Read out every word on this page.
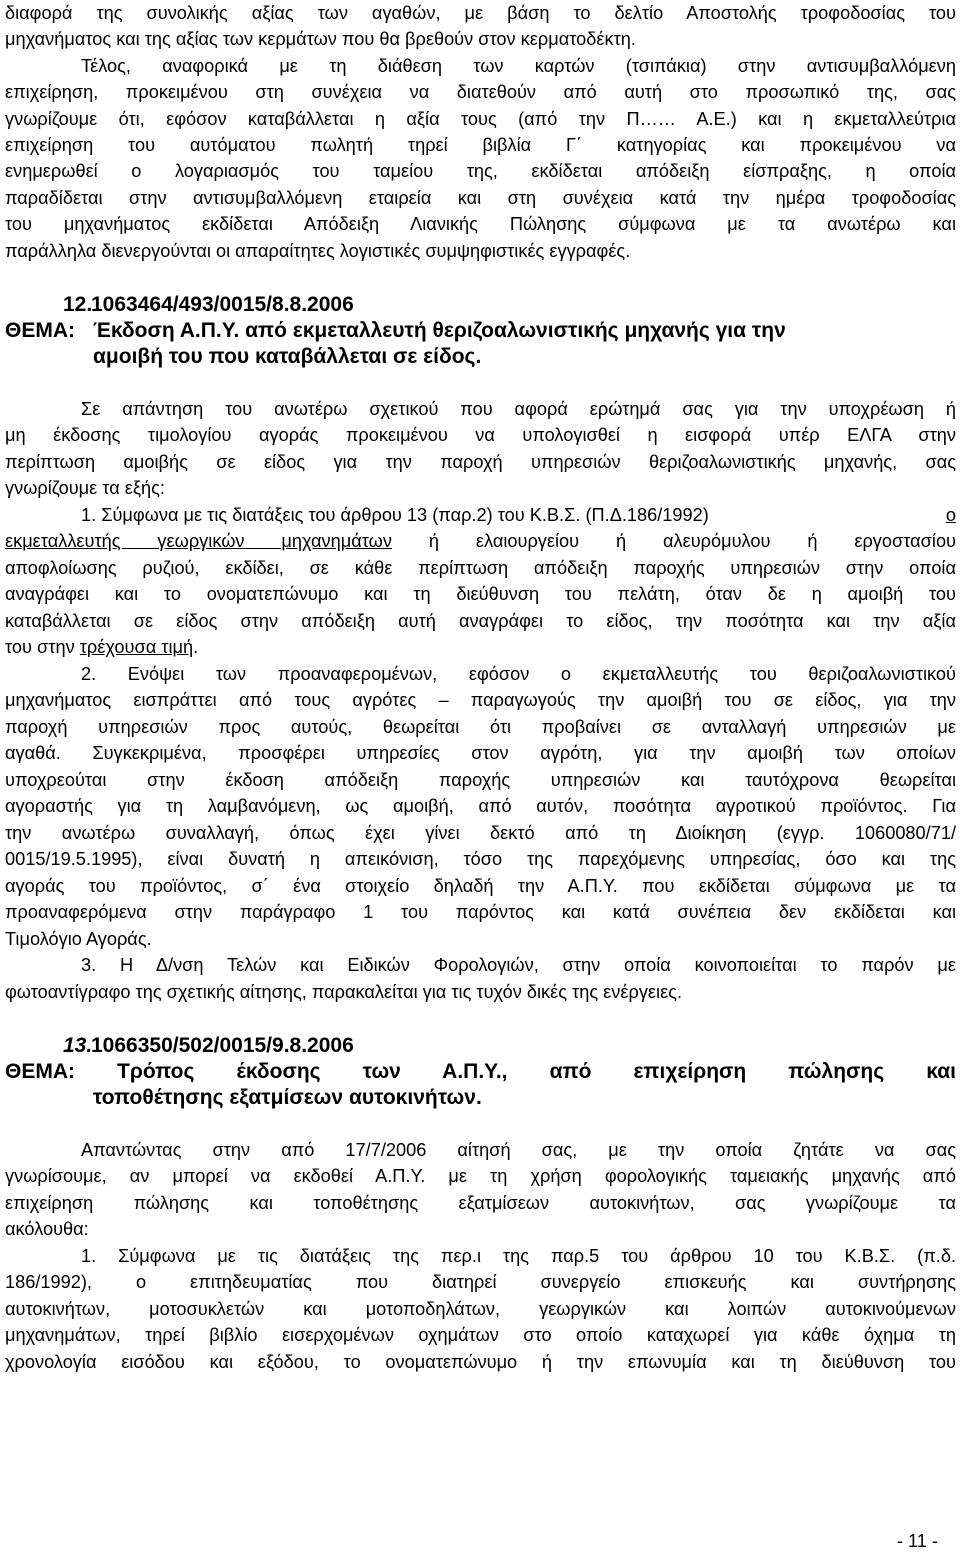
διαφορά της συνολικής αξίας των αγαθών, με βάση το δελτίο Αποστολής τροφοδοσίας του
μηχανήματος και της αξίας των κερμάτων που θα βρεθούν στον κερματοδέκτη.
Τέλος, αναφορικά με τη διάθεση των καρτών (τσιπάκια) στην αντισυμβαλλόμενη
επιχείρηση, προκειμένου στη συνέχεια να διατεθούν από αυτή στο προσωπικό της, σας
γνωρίζουμε ότι, εφόσον καταβάλλεται η αξία τους (από την Π…… Α.Ε.) και η εκμεταλλεύτρια
επιχείρηση του αυτόματου πωλητή τηρεί βιβλία Γ΄ κατηγορίας και προκειμένου να
ενημερωθεί ο λογαριασμός του ταμείου της, εκδίδεται απόδειξη είσπραξης, η οποία
παραδίδεται στην αντισυμβαλλόμενη εταιρεία και στη συνέχεια κατά την ημέρα τροφοδοσίας
του μηχανήματος εκδίδεται Απόδειξη Λιανικής Πώλησης σύμφωνα με τα ανωτέρω και
παράλληλα διενεργούνται οι απαραίτητες λογιστικές συμψηφιστικές εγγραφές.
12.
1063464/493/0015/8.8.2006
ΘΕΜΑ: Έκδοση Α.Π.Υ. από εκμεταλλευτή θεριζοαλωνιστικής μηχανής για την
αμοιβή του που καταβάλλεται σε είδος.
Σε απάντηση του ανωτέρω σχετικού που αφορά ερώτημά σας για την υποχρέωση ή
μη έκδοσης τιμολογίου αγοράς προκειμένου να υπολογισθεί η εισφορά υπέρ ΕΛΓΑ στην
περίπτωση αμοιβής σε είδος για την παροχή υπηρεσιών θεριζοαλωνιστικής μηχανής, σας
γνωρίζουμε τα εξής:
1. Σύμφωνα με τις διατάξεις του άρθρου 13 (παρ.2) του Κ.Β.Σ. (Π.Δ.186/1992)	ο
εκμεταλλευτής γεωργικών μηχανημάτων ή ελαιουργείου ή αλευρόμυλου ή εργοστασίου
αποφλοίωσης ρυζιού, εκδίδει, σε κάθε περίπτωση απόδειξη παροχής υπηρεσιών στην οποία
αναγράφει και το ονοματεπώνυμο και τη διεύθυνση του πελάτη, όταν δε η αμοιβή του
καταβάλλεται σε είδος στην απόδειξη αυτή αναγράφει το είδος, την ποσότητα και την αξία
του στην τρέχουσα τιμή.
2. Ενόψει των προαναφερομένων, εφόσον ο εκμεταλλευτής του θεριζοαλωνιστικού
μηχανήματος εισπράττει από τους αγρότες – παραγωγούς την αμοιβή του σε είδος, για την
παροχή υπηρεσιών προς αυτούς, θεωρείται ότι προβαίνει σε ανταλλαγή υπηρεσιών με
αγαθά. Συγκεκριμένα, προσφέρει υπηρεσίες στον αγρότη, για την αμοιβή των οποίων
υποχρεούται στην έκδοση απόδειξη παροχής υπηρεσιών και ταυτόχρονα θεωρείται
αγοραστής για τη λαμβανόμενη, ως αμοιβή, από αυτόν, ποσότητα αγροτικού προϊόντος. Για
την ανωτέρω συναλλαγή, όπως έχει γίνει δεκτό από τη Διοίκηση (εγγρ. 1060080/71/
0015/19.5.1995), είναι δυνατή η απεικόνιση, τόσο της παρεχόμενης υπηρεσίας, όσο και της
αγοράς του προϊόντος, σ΄ ένα στοιχείο δηλαδή την Α.Π.Υ. που εκδίδεται σύμφωνα με τα
προαναφερόμενα στην παράγραφο 1 του παρόντος και κατά συνέπεια δεν εκδίδεται και
Τιμολόγιο Αγοράς.
3. Η Δ/νση Τελών και Ειδικών Φορολογιών, στην οποία κοινοποιείται το παρόν με
φωτοαντίγραφο της σχετικής αίτησης, παρακαλείται για τις τυχόν δικές της ενέργειες.
13.
1066350/502/0015/9.8.2006
ΘΕΜΑ: Τρόπος έκδοσης των Α.Π.Υ., από επιχείρηση πώλησης και
τοποθέτησης εξατμίσεων αυτοκινήτων.
Απαντώντας στην από 17/7/2006 αίτησή σας, με την οποία ζητάτε να σας
γνωρίσουμε, αν μπορεί να εκδοθεί Α.Π.Υ. με τη χρήση φορολογικής ταμειακής μηχανής από
επιχείρηση πώλησης και τοποθέτησης εξατμίσεων αυτοκινήτων, σας γνωρίζουμε τα
ακόλουθα:
1. Σύμφωνα με τις διατάξεις της περ.ι της παρ.5 του άρθρου 10 του Κ.Β.Σ. (π.δ.
186/1992), ο επιτηδευματίας που διατηρεί συνεργείο επισκευής και συντήρησης
αυτοκινήτων, μοτοσυκλετών και μοτοποδηλάτων, γεωργικών και λοιπών αυτοκινούμενων
μηχανημάτων, τηρεί βιβλίο εισερχομένων οχημάτων στο οποίο καταχωρεί για κάθε όχημα τη
χρονολογία εισόδου και εξόδου, το ονοματεπώνυμο ή την επωνυμία και τη διεύθυνση του
- 11 -
